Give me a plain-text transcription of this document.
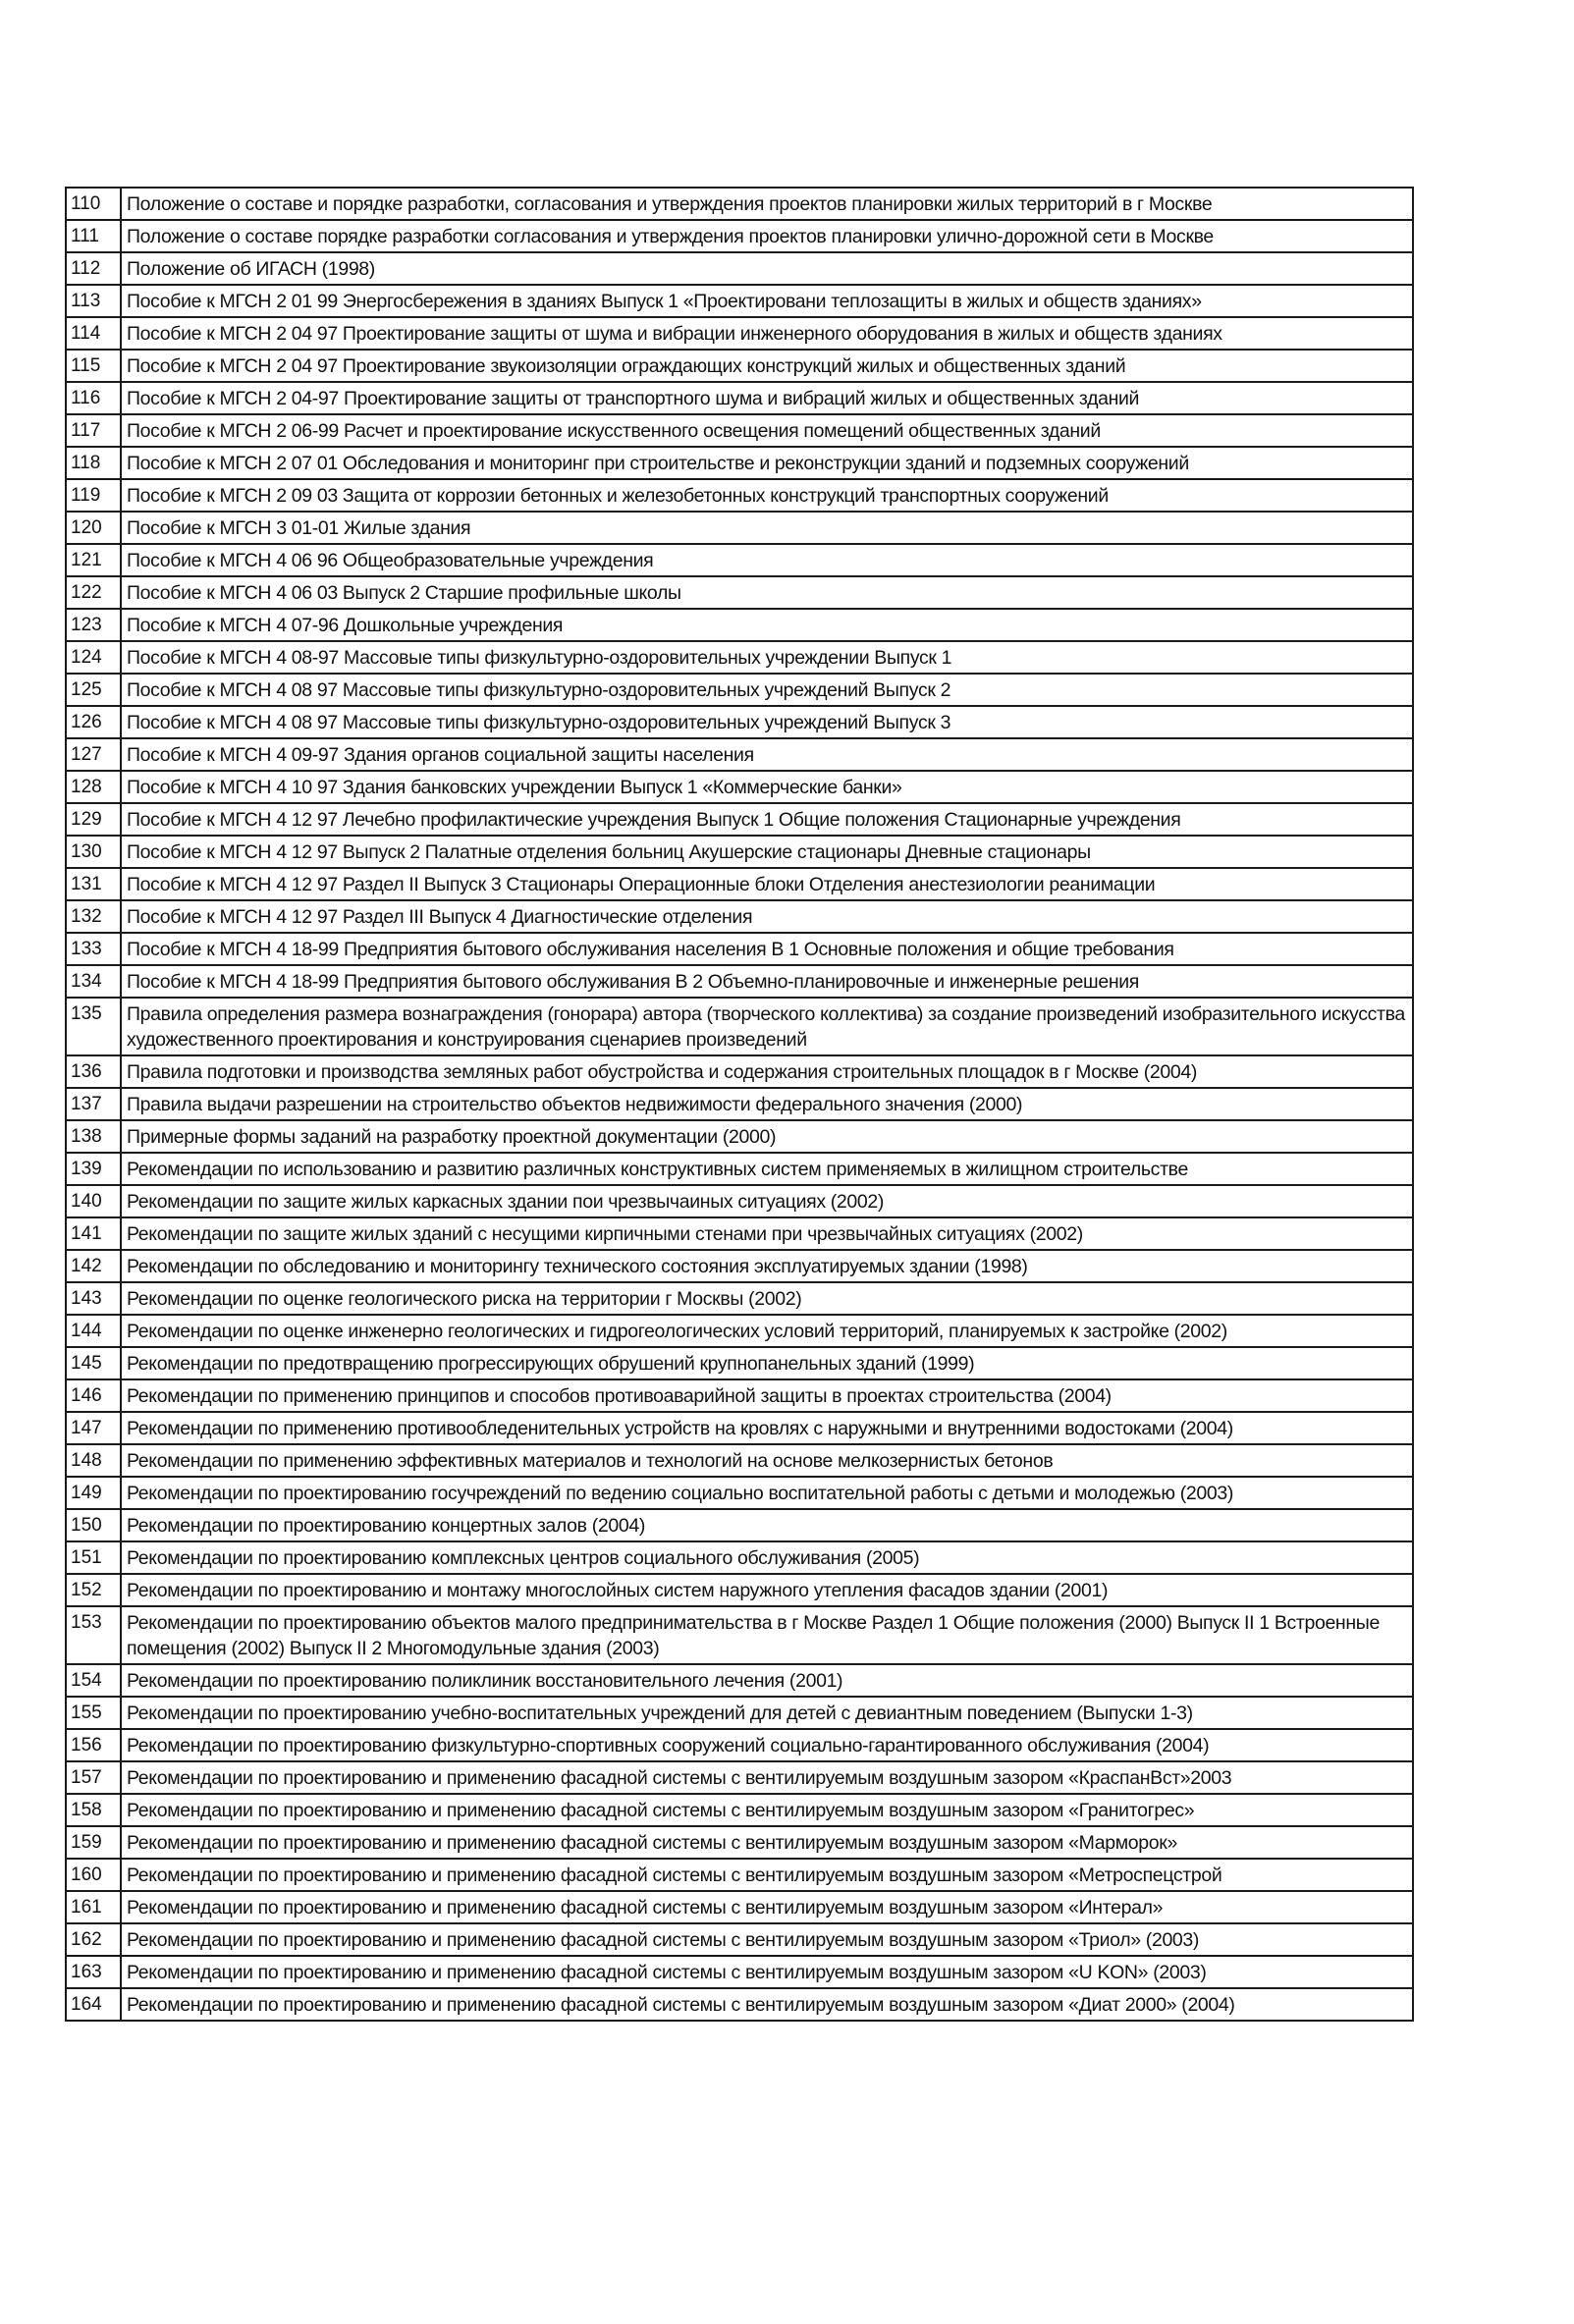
110	Положение о составе и порядке разработки, согласования и утверждения проектов планировки жилых территорий в г Москве
111	Положение о составе порядке разработки согласования и утверждения проектов планировки улично-дорожной сети в Москве
112	Положение об ИГАСН (1998)
113	Пособие к МГСН 2 01 99 Энергосбережения в зданиях Выпуск 1 «Проектировани теплозащиты в жилых и обществ зданиях»
114	Пособие к МГСН 2 04 97 Проектирование защиты от шума и вибрации инженерного оборудования в жилых и обществ зданиях
115	Пособие к МГСН 2 04 97 Проектирование звукоизоляции ограждающих конструкций жилых и общественных зданий
116	Пособие к МГСН 2 04-97 Проектирование защиты от транспортного шума и вибраций жилых и общественных зданий
117	Пособие к МГСН 2 06-99 Расчет и проектирование искусственного освещения помещений общественных зданий
118	Пособие к МГСН 2 07 01 Обследования и мониторинг при строительстве и реконструкции зданий и подземных сооружений
119	Пособие к МГСН 2 09 03 Защита от коррозии бетонных и железобетонных конструкций транспортных сооружений
120	Пособие к МГСН 3 01-01 Жилые здания
121	Пособие к МГСН 4 06 96 Общеобразовательные учреждения
122	Пособие к МГСН 4 06 03 Выпуск 2 Старшие профильные школы
123	Пособие к МГСН 4 07-96 Дошкольные учреждения
124	Пособие к МГСН 4 08-97 Массовые типы физкультурно-оздоровительных учреждении Выпуск 1
125	Пособие к МГСН 4 08 97 Массовые типы физкультурно-оздоровительных учреждений Выпуск 2
126	Пособие к МГСН 4 08 97 Массовые типы физкультурно-оздоровительных учреждений Выпуск 3
127	Пособие к МГСН 4 09-97 Здания органов социальной защиты населения
128	Пособие к МГСН 4 10 97 Здания банковских учреждении Выпуск 1 «Коммерческие банки»
129	Пособие к МГСН 4 12 97 Лечебно профилактические учреждения Выпуск 1 Общие положения Стационарные учреждения
130	Пособие к МГСН 4 12 97 Выпуск 2 Палатные отделения больниц Акушерские стационары Дневные стационары
131	Пособие к МГСН 4 12 97 Раздел II Выпуск 3 Стационары Операционные блоки Отделения анестезиологии реанимации
132	Пособие к МГСН 4 12 97 Раздел III Выпуск 4 Диагностические отделения
133	Пособие к МГСН 4 18-99 Предприятия бытового обслуживания населения В 1 Основные положения и общие требования
134	Пособие к МГСН 4 18-99 Предприятия бытового обслуживания В 2 Объемно-планировочные и инженерные решения
135	Правила определения размера вознаграждения (гонорара) автора (творческого коллектива) за создание произведений изобразительного искусства художественного проектирования и конструирования сценариев произведений
136	Правила подготовки и производства земляных работ обустройства и содержания строительных площадок в г Москве (2004)
137	Правила выдачи разрешении на строительство объектов недвижимости федерального значения (2000)
138	Примерные формы заданий на разработку проектной документации (2000)
139	Рекомендации по использованию и развитию различных конструктивных систем применяемых в жилищном строительстве
140	Рекомендации по защите жилых каркасных здании пои чрезвычаиных ситуациях (2002)
141	Рекомендации по защите жилых зданий с несущими кирпичными стенами при чрезвычайных ситуациях (2002)
142	Рекомендации по обследованию и мониторингу технического состояния эксплуатируемых здании (1998)
143	Рекомендации по оценке геологического риска на территории г Москвы (2002)
144	Рекомендации по оценке инженерно геологических и гидрогеологических условий территорий, планируемых к застройке (2002)
145	Рекомендации по предотвращению прогрессирующих обрушений крупнопанельных зданий (1999)
146	Рекомендации по применению принципов и способов противоаварийной защиты в проектах строительства (2004)
147	Рекомендации по применению противообледенительных устройств на кровлях с наружными и внутренними водостоками (2004)
148	Рекомендации по применению эффективных материалов и технологий на основе мелкозернистых бетонов
149	Рекомендации по проектированию госучреждений по ведению социально воспитательной работы с детьми и молодежью (2003)
150	Рекомендации по проектированию концертных залов (2004)
151	Рекомендации по проектированию комплексных центров социального обслуживания (2005)
152	Рекомендации по проектированию и монтажу многослойных систем наружного утепления фасадов здании (2001)
153	Рекомендации по проектированию объектов малого предпринимательства в г Москве Раздел 1 Общие положения (2000) Выпуск II 1 Встроенные помещения (2002) Выпуск II 2 Многомодульные здания (2003)
154	Рекомендации по проектированию поликлиник восстановительного лечения (2001)
155	Рекомендации по проектированию учебно-воспитательных учреждений для детей с девиантным поведением (Выпуски 1-3)
156	Рекомендации по проектированию физкультурно-спортивных сооружений социально-гарантированного обслуживания (2004)
157	Рекомендации по проектированию и применению фасадной системы с вентилируемым воздушным зазором «КраспанВст»2003
158	Рекомендации по проектированию и применению фасадной системы с вентилируемым воздушным зазором «Гранитогрес»
159	Рекомендации по проектированию и применению фасадной системы с вентилируемым воздушным зазором «Марморок»
160	Рекомендации по проектированию и применению фасадной системы с вентилируемым воздушным зазором «Метроспецстрой
161	Рекомендации по проектированию и применению фасадной системы с вентилируемым воздушным зазором «Интерал»
162	Рекомендации по проектированию и применению фасадной системы с вентилируемым воздушным зазором «Триол» (2003)
163	Рекомендации по проектированию и применению фасадной системы с вентилируемым воздушным зазором «U KON» (2003)
164	Рекомендации по проектированию и применению фасадной системы с вентилируемым воздушным зазором «Диат 2000» (2004)
